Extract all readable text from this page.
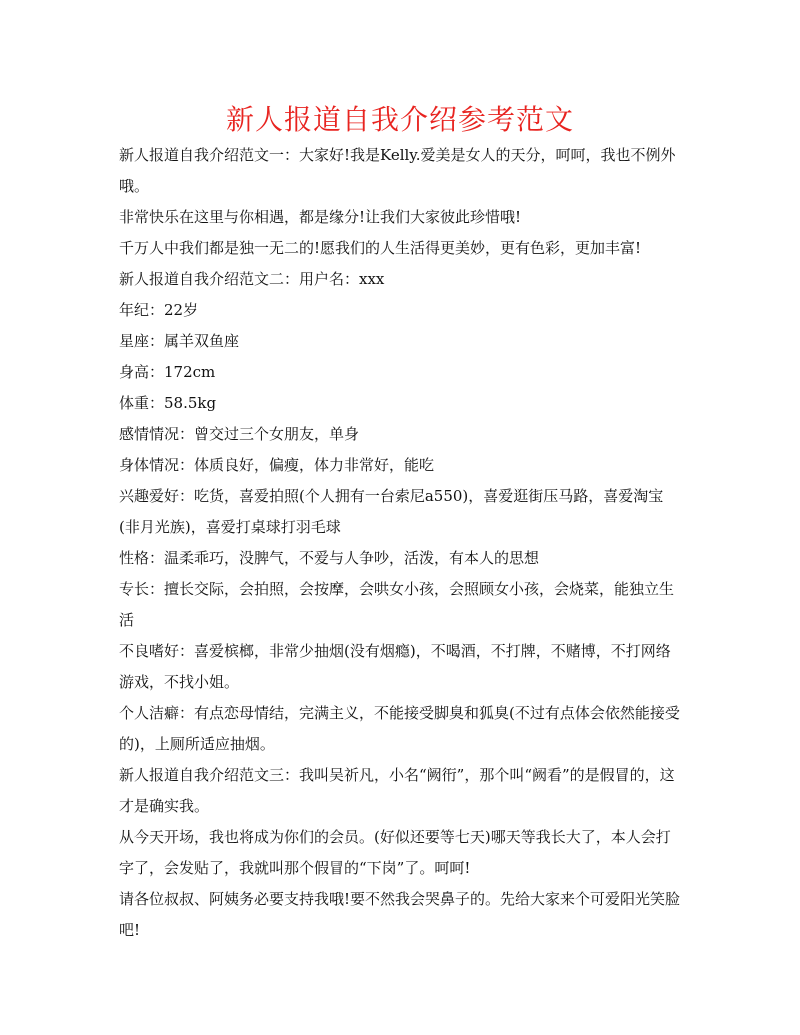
新人报道自我介绍参考范文

新人报道自我介绍范文一：大家好!我是Kelly.爱美是女人的天分，呵呵，我也不例外哦。

非常快乐在这里与你相遇，都是缘分!让我们大家彼此珍惜哦!

千万人中我们都是独一无二的!愿我们的人生活得更美妙，更有色彩，更加丰富!

新人报道自我介绍范文二：用户名：xxx

年纪：22岁

星座：属羊双鱼座

身高：172cm

体重：58.5kg

感情情况：曾交过三个女朋友，单身

身体情况：体质良好，偏瘦，体力非常好，能吃

兴趣爱好：吃货，喜爱拍照(个人拥有一台索尼a550)，喜爱逛街压马路，喜爱淘宝(非月光族)，喜爱打桌球打羽毛球

性格：温柔乖巧，没脾气，不爱与人争吵，活泼，有本人的思想

专长：擅长交际，会拍照，会按摩，会哄女小孩，会照顾女小孩，会烧菜，能独立生活

不良嗜好：喜爱槟榔，非常少抽烟(没有烟瘾)，不喝酒，不打牌，不赌博，不打网络游戏，不找小姐。

个人洁癖：有点恋母情结，完满主义，不能接受脚臭和狐臭(不过有点体会依然能接受的)，上厕所适应抽烟。

新人报道自我介绍范文三：我叫吴祈凡，小名“阙衎”，那个叫“阙看”的是假冒的，这才是确实我。

从今天开场，我也将成为你们的会员。(好似还要等七天)哪天等我长大了，本人会打字了，会发贴了，我就叫那个假冒的“下岗”了。呵呵!

请各位叔叔、阿姨务必要支持我哦!要不然我会哭鼻子的。先给大家来个可爱阳光笑脸吧!
